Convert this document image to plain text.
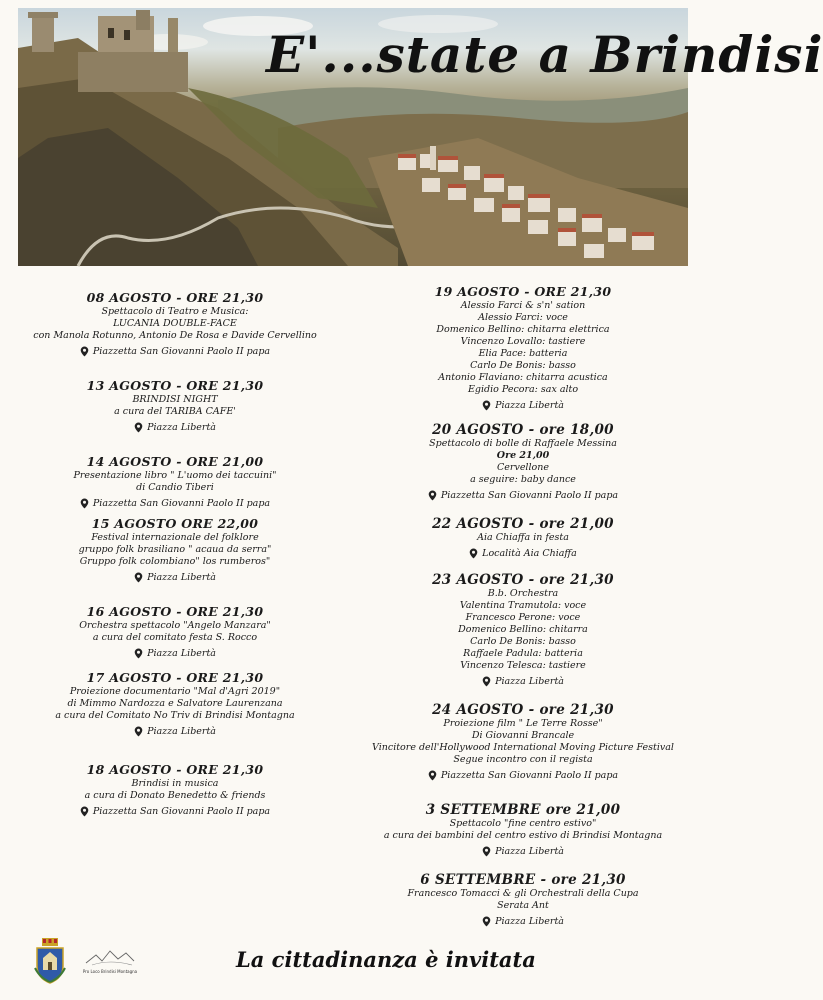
E'...state a Brindisi
08 AGOSTO - ORE 21,30
Spettacolo di Teatro e Musica:
LUCANIA DOUBLE-FACE
con Manola Rotunno, Antonio De Rosa e Davide Cervellino
Piazzetta San Giovanni Paolo II papa
13 AGOSTO - ORE 21,30
BRINDISI NIGHT
a cura del TARIBA CAFE'
Piazza Libertà
14 AGOSTO - ORE 21,00
Presentazione libro " L'uomo dei taccuini"
di Candio Tiberi
Piazzetta San Giovanni Paolo II papa
15 AGOSTO ORE 22,00
Festival internazionale del folklore
gruppo folk brasiliano " acaua da serra"
Gruppo folk colombiano" los rumberos"
Piazza Libertà
16 AGOSTO - ORE 21,30
Orchestra spettacolo "Angelo Manzara"
a cura del comitato festa S. Rocco
Piazza Libertà
17 AGOSTO - ORE 21,30
Proiezione documentario "Mal d'Agri 2019"
di Mimmo Nardozza e Salvatore Laurenzana
a cura del Comitato No Triv di Brindisi Montagna
Piazza Libertà
18 AGOSTO - ORE 21,30
Brindisi in musica
a cura di Donato Benedetto & friends
Piazzetta San Giovanni Paolo II papa
19 AGOSTO - ORE 21,30
Alessio Farci & s'n' sation
Alessio Farci: voce
Domenico Bellino: chitarra elettrica
Vincenzo Lovallo: tastiere
Elia Pace: batteria
Carlo De Bonis: basso
Antonio Flaviano: chitarra acustica
Egidio Pecora: sax alto
Piazza Libertà
20 AGOSTO - ore 18,00
Spettacolo di bolle di Raffaele Messina
Ore 21,00
Cervellone
a seguire: baby dance
Piazzetta San Giovanni Paolo II papa
22 AGOSTO - ore 21,00
Aia Chiaffa in festa
Località Aia Chiaffa
23 AGOSTO - ore 21,30
B.b. Orchestra
Valentina Tramutola: voce
Francesco Perone: voce
Domenico Bellino: chitarra
Carlo De Bonis: basso
Raffaele Padula: batteria
Vincenzo Telesca: tastiere
Piazza Libertà
24 AGOSTO - ore 21,30
Proiezione film " Le Terre Rosse"
Di Giovanni Brancale
Vincitore dell'Hollywood International Moving Picture Festival
Segue incontro con il regista
Piazzetta San Giovanni Paolo II papa
3 SETTEMBRE ore 21,00
Spettacolo "fine centro estivo"
a cura dei bambini del centro estivo di Brindisi Montagna
Piazza Libertà
6 SETTEMBRE - ore 21,30
Francesco Tomacci & gli Orchestrali della Cupa
Serata Ant
Piazza Libertà
Pro Loco Brindisi Montagna	La cittadinanza è invitata
